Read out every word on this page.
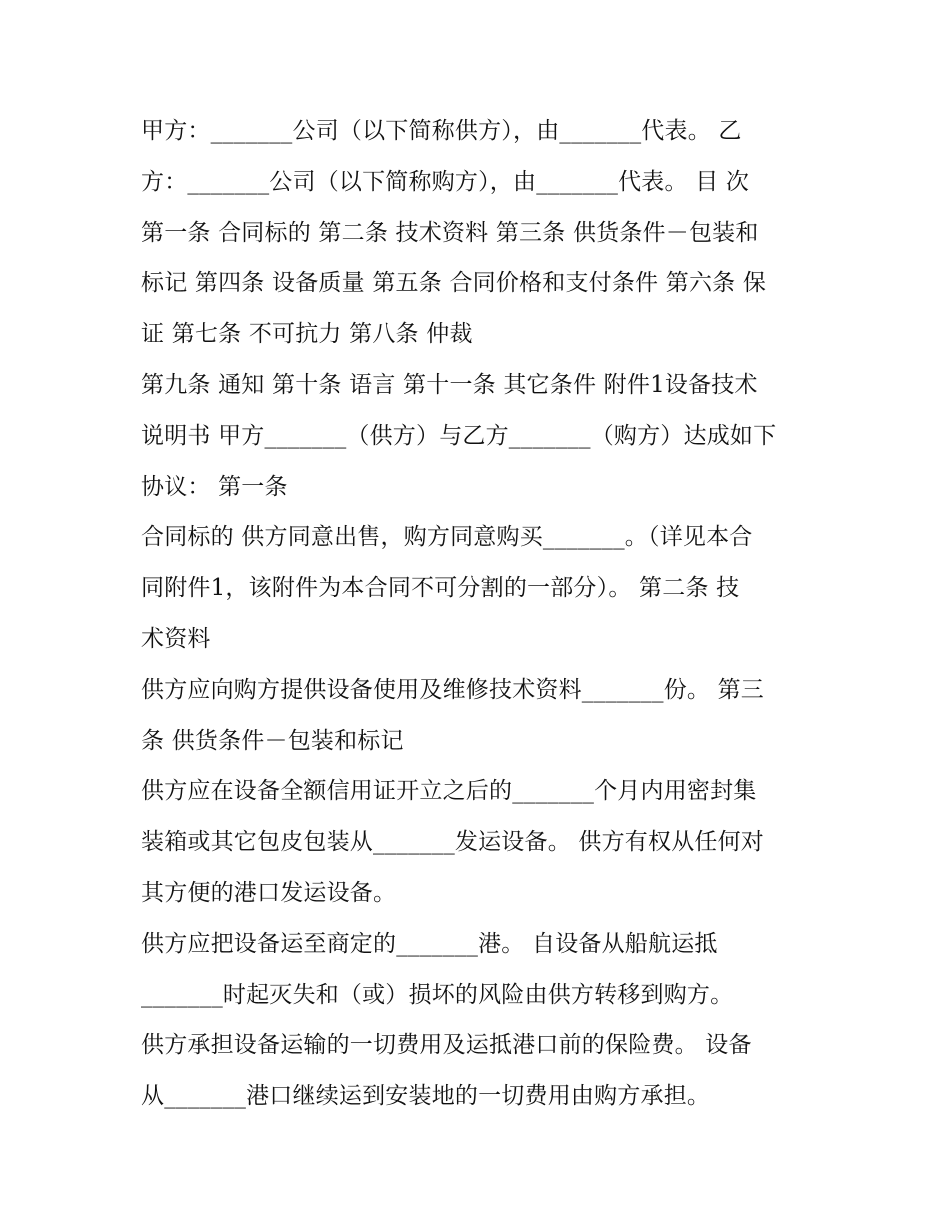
甲方：_______公司（以下简称供方），由_______代表。 乙
方：_______公司（以下简称购方），由_______代表。 目 次
第一条 合同标的 第二条 技术资料 第三条 供货条件－包装和
标记 第四条 设备质量 第五条 合同价格和支付条件 第六条 保
证 第七条 不可抗力 第八条 仲裁
第九条 通知 第十条 语言 第十一条 其它条件 附件1设备技术
说明书 甲方_______（供方）与乙方_______（购方）达成如下
协议： 第一条
合同标的 供方同意出售，购方同意购买_______。（详见本合
同附件1，该附件为本合同不可分割的一部分）。 第二条 技
术资料
供方应向购方提供设备使用及维修技术资料_______份。 第三
条 供货条件－包装和标记
供方应在设备全额信用证开立之后的_______个月内用密封集
装箱或其它包皮包装从_______发运设备。 供方有权从任何对
其方便的港口发运设备。
供方应把设备运至商定的_______港。 自设备从船航运抵
_______时起灭失和（或）损坏的风险由供方转移到购方。
供方承担设备运输的一切费用及运抵港口前的保险费。 设备
从_______港口继续运到安装地的一切费用由购方承担。
